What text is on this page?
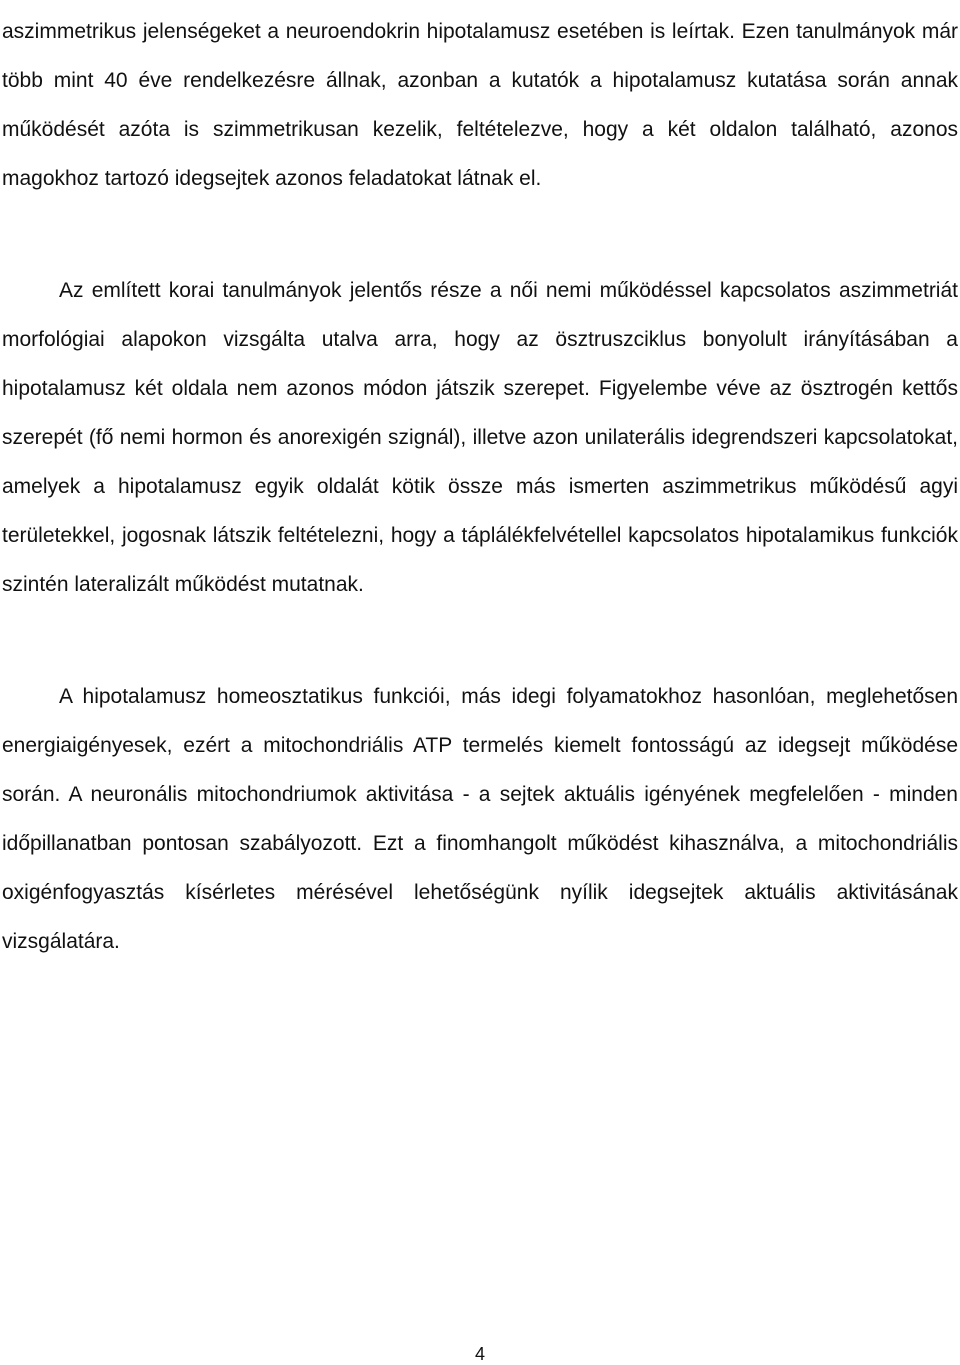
aszimmetrikus jelenségeket a neuroendokrin hipotalamusz esetében is leírtak. Ezen tanulmányok már több mint 40 éve rendelkezésre állnak, azonban a kutatók a hipotalamusz kutatása során annak működését azóta is szimmetrikusan kezelik, feltételezve, hogy a két oldalon található, azonos magokhoz tartozó idegsejtek azonos feladatokat látnak el.

Az említett korai tanulmányok jelentős része a női nemi működéssel kapcsolatos aszimmetriát morfológiai alapokon vizsgálta utalva arra, hogy az ösztruszciklus bonyolult irányításában a hipotalamusz két oldala nem azonos módon játszik szerepet. Figyelembe véve az ösztrogén kettős szerepét (fő nemi hormon és anorexigén szignál), illetve azon unilaterális idegrendszeri kapcsolatokat, amelyek a hipotalamusz egyik oldalát kötik össze más ismerten aszimmetrikus működésű agyi területekkel, jogosnak látszik feltételezni, hogy a táplálékfelvétellel kapcsolatos hipotalamikus funkciók szintén lateralizált működést mutatnak.

A hipotalamusz homeosztatikus funkciói, más idegi folyamatokhoz hasonlóan, meglehetősen energiaigényesek, ezért a mitochondriális ATP termelés kiemelt fontosságú az idegsejt működése során. A neuronális mitochondriumok aktivitása - a sejtek aktuális igényének megfelelően - minden időpillanatban pontosan szabályozott. Ezt a finomhangolt működést kihasználva, a mitochondriális oxigénfogyasztás kísérletes mérésével lehetőségünk nyílik idegsejtek aktuális aktivitásának vizsgálatára.

4
